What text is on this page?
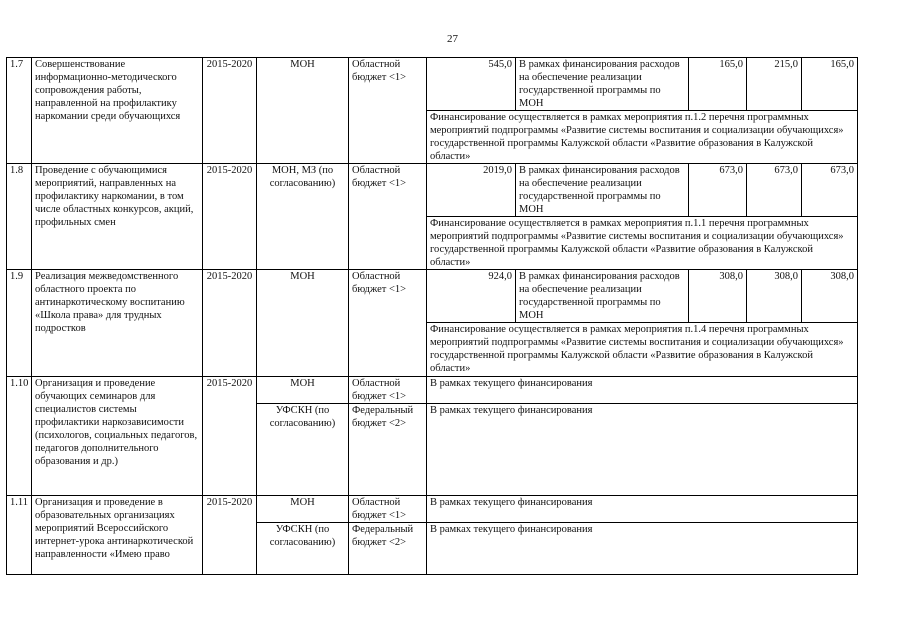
27
1.7	Совершенствование информационно-методического сопровождения работы, направленной на профилактику наркомании среди обучающихся	2015-2020	МОН	Областной бюджет <1>	545,0	В рамках финансирования расходов на обеспечение реализации государственной программы по МОН	165,0	215,0	165,0
					Финансирование осуществляется в рамках мероприятия п.1.2 перечня программных мероприятий подпрограммы «Развитие системы воспитания и социализации обучающихся» государственной программы Калужской области «Развитие образования в Калужской области»				
1.8	Проведение с обучающимися мероприятий, направленных на профилактику наркомании, в том числе областных конкурсов, акций, профильных смен	2015-2020	МОН, МЗ (по согласованию)	Областной бюджет <1>	2019,0	В рамках финансирования расходов на обеспечение реализации государственной программы по МОН	673,0	673,0	673,0
					Финансирование осуществляется в рамках мероприятия п.1.1 перечня программных мероприятий подпрограммы «Развитие системы воспитания и социализации обучающихся» государственной программы Калужской области «Развитие образования в Калужской области»				
1.9	Реализация межведомственного областного проекта по антинаркотическому воспитанию «Школа права» для трудных подростков	2015-2020	МОН	Областной бюджет <1>	924,0	В рамках финансирования расходов на обеспечение реализации государственной программы по МОН	308,0	308,0	308,0
					Финансирование осуществляется в рамках мероприятия п.1.4 перечня программных мероприятий подпрограммы «Развитие системы воспитания и социализации обучающихся» государственной программы Калужской области «Развитие образования в Калужской области»				
1.10	Организация и проведение обучающих семинаров для специалистов системы профилактики наркозависимости (психологов, социальных педагогов, педагогов дополнительного образования и др.)	2015-2020	МОН	Областной бюджет <1>	В рамках текущего финансирования				
			УФСКН (по согласованию)	Федеральный бюджет <2>	В рамках текущего финансирования				
1.11	Организация и проведение в образовательных организациях мероприятий Всероссийского интернет-урока антинаркотической направленности «Имею право	2015-2020	МОН	Областной бюджет <1>	В рамках текущего финансирования				
			УФСКН (по согласованию)	Федеральный бюджет <2>	В рамках текущего финансирования				
